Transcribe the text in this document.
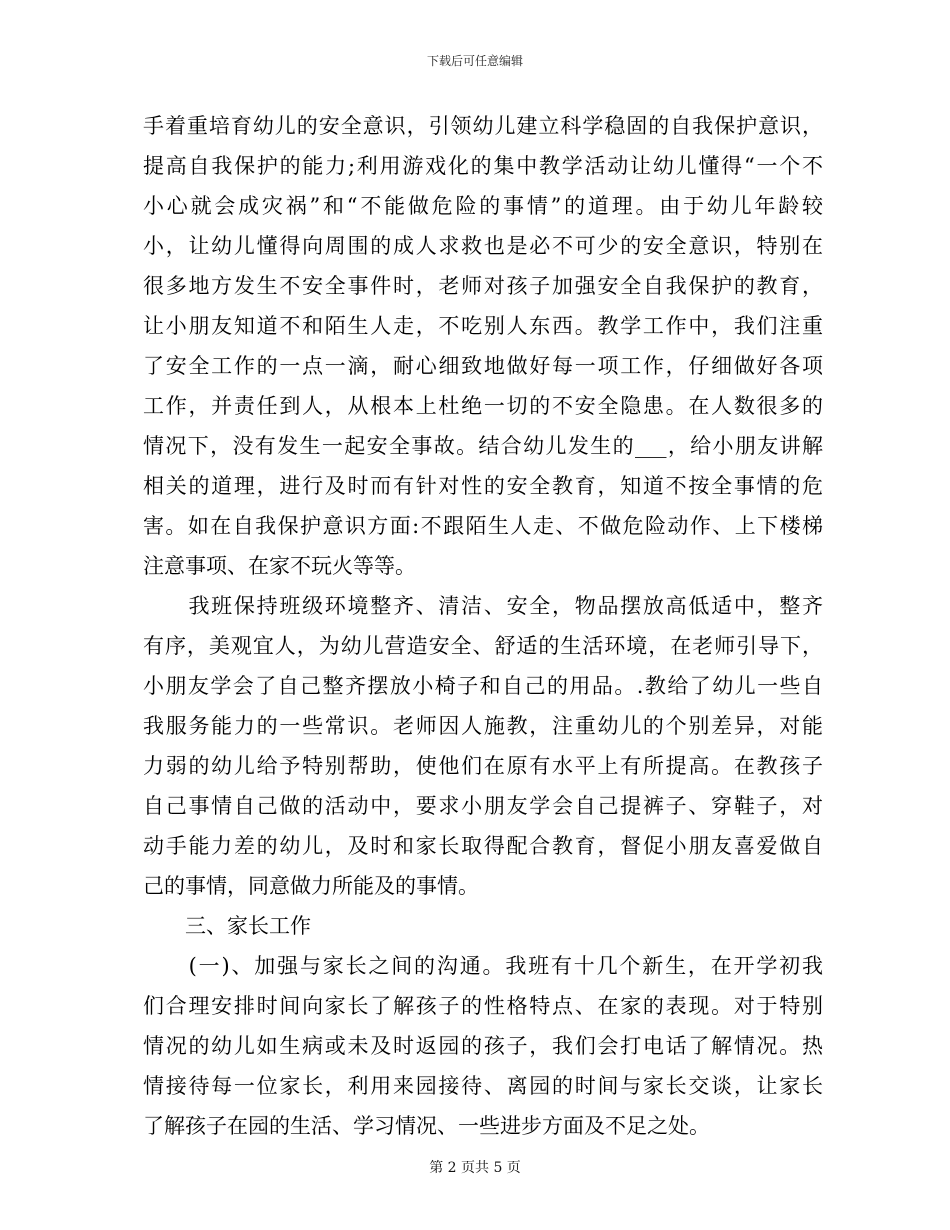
下载后可任意编辑

手着重培育幼儿的安全意识，引领幼儿建立科学稳固的自我保护意识，

提高自我保护的能力;利用游戏化的集中教学活动让幼儿懂得“一个不

小心就会成灾祸”和“不能做危险的事情”的道理。由于幼儿年龄较

小，让幼儿懂得向周围的成人求救也是必不可少的安全意识，特别在

很多地方发生不安全事件时，老师对孩子加强安全自我保护的教育，

让小朋友知道不和陌生人走，不吃别人东西。教学工作中，我们注重

了安全工作的一点一滴，耐心细致地做好每一项工作，仔细做好各项

工作，并责任到人，从根本上杜绝一切的不安全隐患。在人数很多的

情况下，没有发生一起安全事故。结合幼儿发生的___，给小朋友讲解

相关的道理，进行及时而有针对性的安全教育，知道不按全事情的危

害。如在自我保护意识方面:不跟陌生人走、不做危险动作、上下楼梯

注意事项、在家不玩火等等。

　　我班保持班级环境整齐、清洁、安全，物品摆放高低适中，整齐

有序，美观宜人，为幼儿营造安全、舒适的生活环境，在老师引导下，

小朋友学会了自己整齐摆放小椅子和自己的用品。.教给了幼儿一些自

我服务能力的一些常识。老师因人施教，注重幼儿的个别差异，对能

力弱的幼儿给予特别帮助，使他们在原有水平上有所提高。在教孩子

自己事情自己做的活动中，要求小朋友学会自己提裤子、穿鞋子，对

动手能力差的幼儿，及时和家长取得配合教育，督促小朋友喜爱做自

己的事情，同意做力所能及的事情。

　　三、家长工作

　　(一)、加强与家长之间的沟通。我班有十几个新生，在开学初我

们合理安排时间向家长了解孩子的性格特点、在家的表现。对于特别

情况的幼儿如生病或未及时返园的孩子，我们会打电话了解情况。热

情接待每一位家长，利用来园接待、离园的时间与家长交谈，让家长

了解孩子在园的生活、学习情况、一些进步方面及不足之处。

第 2 页共 5 页
